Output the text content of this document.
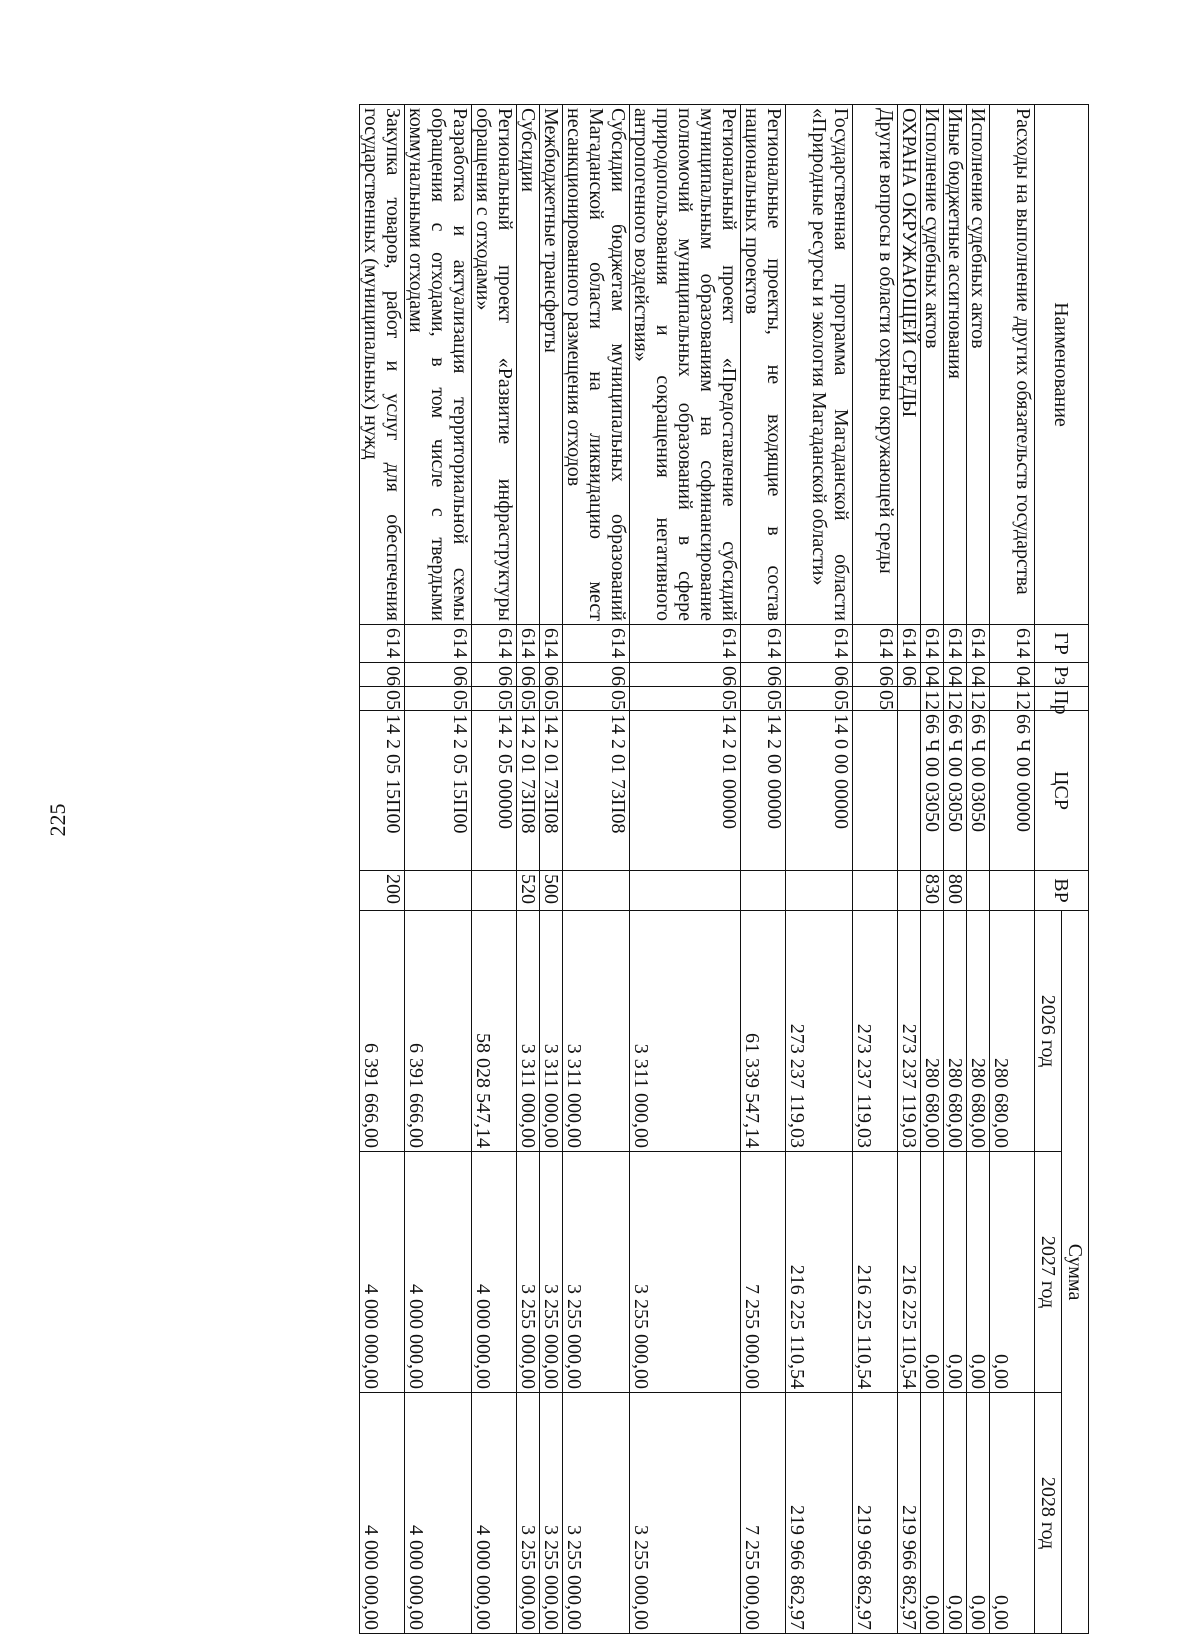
225
Наименование	ГР	Рз	Пр	ЦСР	ВР	Сумма		
						2026 год	2027 год	2028 год
Расходы на выполнение других обязательств государства	614	04	12	66 Ч 00 00000		280 680,00	0,00	0,00
Исполнение судебных актов	614	04	12	66 Ч 00 03050		280 680,00	0,00	0,00
Иные бюджетные ассигнования	614	04	12	66 Ч 00 03050	800	280 680,00	0,00	0,00
Исполнение судебных актов	614	04	12	66 Ч 00 03050	830	280 680,00	0,00	0,00
ОХРАНА ОКРУЖАЮЩЕЙ СРЕДЫ	614	06				273 237 119,03	216 225 110,54	219 966 862,97
Другие вопросы в области охраны окружающей среды	614	06	05			273 237 119,03	216 225 110,54	219 966 862,97
Государственная программа Магаданской области «Природные ресурсы и экология Магаданской области»	614	06	05	14 0 00 00000		273 237 119,03	216 225 110,54	219 966 862,97
Региональные проекты, не входящие в состав национальных проектов	614	06	05	14 2 00 00000		61 339 547,14	7 255 000,00	7 255 000,00
Региональный проект «Предоставление субсидий муниципальным образованиям на софинансирование полномочий муниципальных образований в сфере природопользования и сокращения негативного антропогенного воздействия»	614	06	05	14 2 01 00000		3 311 000,00	3 255 000,00	3 255 000,00
Субсидии бюджетам муниципальных образований Магаданской области на ликвидацию мест несанкционированного размещения отходов	614	06	05	14 2 01 73П08		3 311 000,00	3 255 000,00	3 255 000,00
Межбюджетные трансферты	614	06	05	14 2 01 73П08	500	3 311 000,00	3 255 000,00	3 255 000,00
Субсидии	614	06	05	14 2 01 73П08	520	3 311 000,00	3 255 000,00	3 255 000,00
Региональный проект «Развитие инфраструктуры обращения с отходами»	614	06	05	14 2 05 00000		58 028 547,14	4 000 000,00	4 000 000,00
Разработка и актуализация территориальной схемы обращения с отходами, в том числе с твердыми коммунальными отходами	614	06	05	14 2 05 15П00		6 391 666,00	4 000 000,00	4 000 000,00
Закупка товаров, работ и услуг для обеспечения государственных (муниципальных) нужд	614	06	05	14 2 05 15П00	200	6 391 666,00	4 000 000,00	4 000 000,00
